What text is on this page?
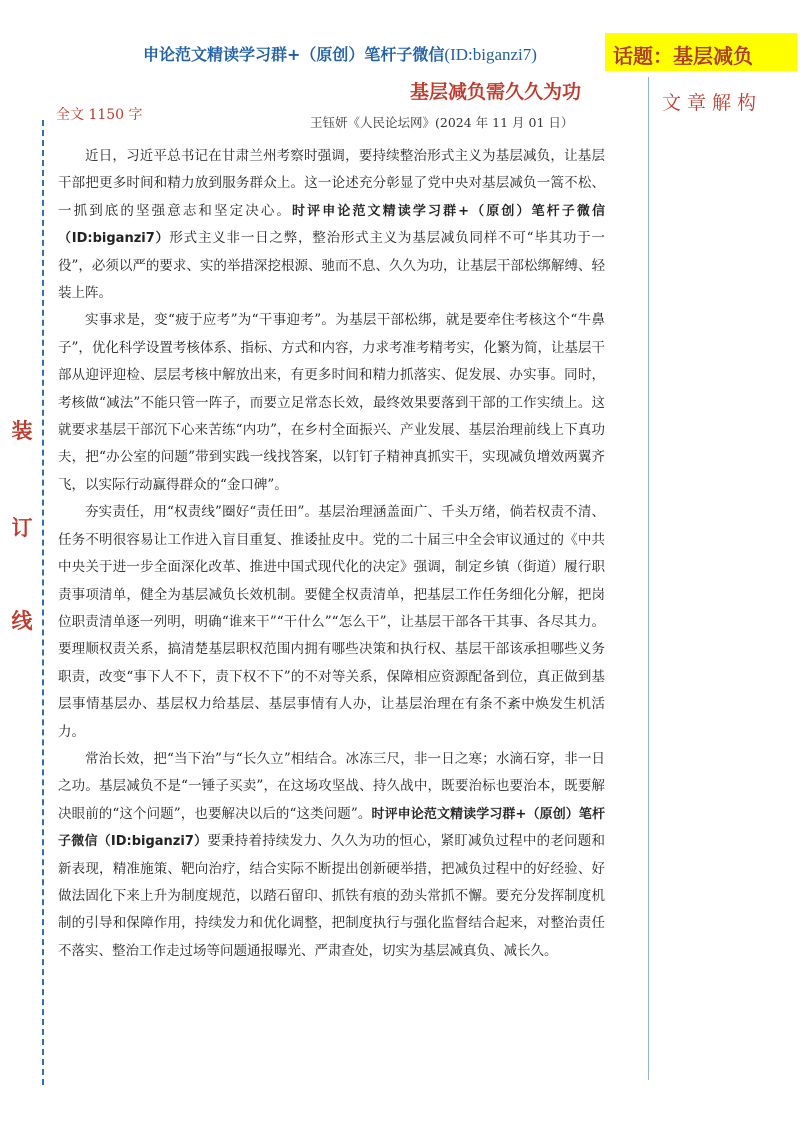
申论范文精读学习群+（原创）笔杆子微信(ID:biganzi7)	话题：基层减负
基层减负需久久为功	文章解构
全文 1150 字	王钰妍《人民论坛网》(2024 年 11 月 01 日）
装
订
线

近日，习近平总书记在甘肃兰州考察时强调，要持续整治形式主义为基层减负，让基层干部把更多时间和精力放到服务群众上。这一论述充分彰显了党中央对基层减负一篙不松、一抓到底的坚强意志和坚定决心。时评申论范文精读学习群+（原创）笔杆子微信（ID:biganzi7）形式主义非一日之弊，整治形式主义为基层减负同样不可“毕其功于一役”，必须以严的要求、实的举措深挖根源、驰而不息、久久为功，让基层干部松绑解缚、轻装上阵。

实事求是，变“疲于应考”为“干事迎考”。为基层干部松绑，就是要牵住考核这个“牛鼻子”，优化科学设置考核体系、指标、方式和内容，力求考准考精考实，化繁为简，让基层干部从迎评迎检、层层考核中解放出来，有更多时间和精力抓落实、促发展、办实事。同时，考核做“减法”不能只管一阵子，而要立足常态长效，最终效果要落到干部的工作实绩上。这就要求基层干部沉下心来苦练“内功”，在乡村全面振兴、产业发展、基层治理前线上下真功夫，把“办公室的问题”带到实践一线找答案，以钉钉子精神真抓实干，实现减负增效两翼齐飞，以实际行动赢得群众的“金口碑”。

夯实责任，用“权责线”圈好“责任田”。基层治理涵盖面广、千头万绪，倘若权责不清、任务不明很容易让工作进入盲目重复、推诿扯皮中。党的二十届三中全会审议通过的《中共中央关于进一步全面深化改革、推进中国式现代化的决定》强调，制定乡镇（街道）履行职责事项清单，健全为基层减负长效机制。要健全权责清单，把基层工作任务细化分解，把岗位职责清单逐一列明，明确“谁来干”“干什么”“怎么干”，让基层干部各干其事、各尽其力。要理顺权责关系，搞清楚基层职权范围内拥有哪些决策和执行权、基层干部该承担哪些义务职责，改变“事下人不下，责下权不下”的不对等关系，保障相应资源配备到位，真正做到基层事情基层办、基层权力给基层、基层事情有人办，让基层治理在有条不紊中焕发生机活力。

常治长效，把“当下治”与“长久立”相结合。冰冻三尺，非一日之寒；水滴石穿，非一日之功。基层减负不是“一锤子买卖”，在这场攻坚战、持久战中，既要治标也要治本，既要解决眼前的“这个问题”，也要解决以后的“这类问题”。时评申论范文精读学习群+（原创）笔杆子微信（ID:biganzi7）要秉持着持续发力、久久为功的恒心，紧盯减负过程中的老问题和新表现，精准施策、靶向治疗，结合实际不断提出创新硬举措，把减负过程中的好经验、好做法固化下来上升为制度规范，以踏石留印、抓铁有痕的劲头常抓不懈。要充分发挥制度机制的引导和保障作用，持续发力和优化调整，把制度执行与强化监督结合起来，对整治责任不落实、整治工作走过场等问题通报曝光、严肃查处，切实为基层减真负、减长久。
